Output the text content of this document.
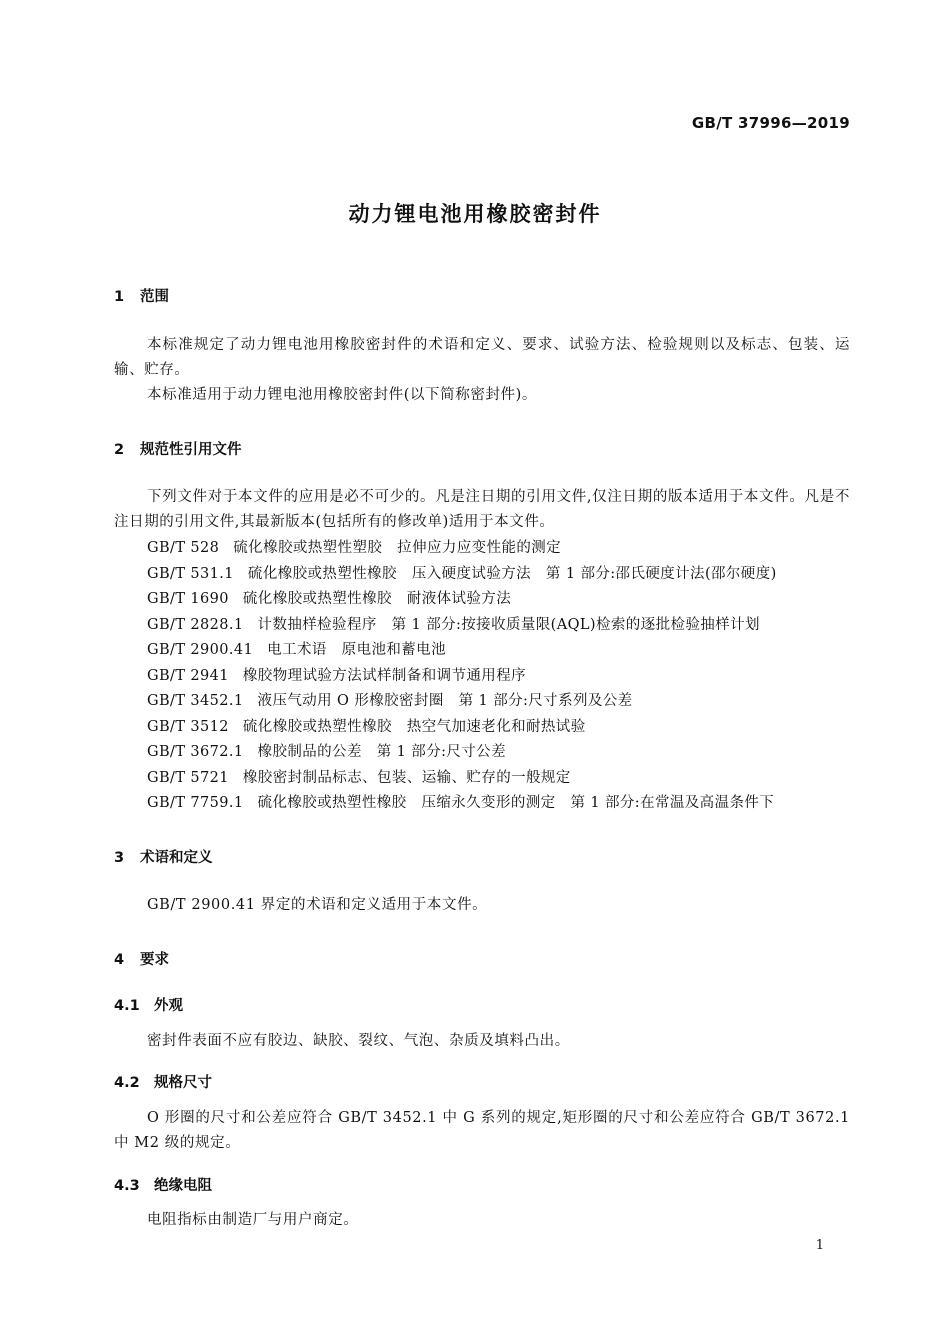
GB/T 37996—2019
动力锂电池用橡胶密封件
1 范围
本标准规定了动力锂电池用橡胶密封件的术语和定义、要求、试验方法、检验规则以及标志、包装、运输、贮存。
本标准适用于动力锂电池用橡胶密封件(以下简称密封件)。
2 规范性引用文件
下列文件对于本文件的应用是必不可少的。凡是注日期的引用文件,仅注日期的版本适用于本文件。凡是不注日期的引用文件,其最新版本(包括所有的修改单)适用于本文件。
GB/T 528 硫化橡胶或热塑性塑胶　拉伸应力应变性能的测定
GB/T 531.1 硫化橡胶或热塑性橡胶　压入硬度试验方法　第 1 部分:邵氏硬度计法(邵尔硬度)
GB/T 1690 硫化橡胶或热塑性橡胶　耐液体试验方法
GB/T 2828.1 计数抽样检验程序　第 1 部分:按接收质量限(AQL)检索的逐批检验抽样计划
GB/T 2900.41 电工术语　原电池和蓄电池
GB/T 2941 橡胶物理试验方法试样制备和调节通用程序
GB/T 3452.1 液压气动用 O 形橡胶密封圈　第 1 部分:尺寸系列及公差
GB/T 3512 硫化橡胶或热塑性橡胶　热空气加速老化和耐热试验
GB/T 3672.1 橡胶制品的公差　第 1 部分:尺寸公差
GB/T 5721 橡胶密封制品标志、包装、运输、贮存的一般规定
GB/T 7759.1 硫化橡胶或热塑性橡胶　压缩永久变形的测定　第 1 部分:在常温及高温条件下
3 术语和定义
GB/T 2900.41 界定的术语和定义适用于本文件。
4 要求
4.1 外观
密封件表面不应有胶边、缺胶、裂纹、气泡、杂质及填料凸出。
4.2 规格尺寸
O 形圈的尺寸和公差应符合 GB/T 3452.1 中 G 系列的规定,矩形圈的尺寸和公差应符合 GB/T 3672.1 中 M2 级的规定。
4.3 绝缘电阻
电阻指标由制造厂与用户商定。
1
